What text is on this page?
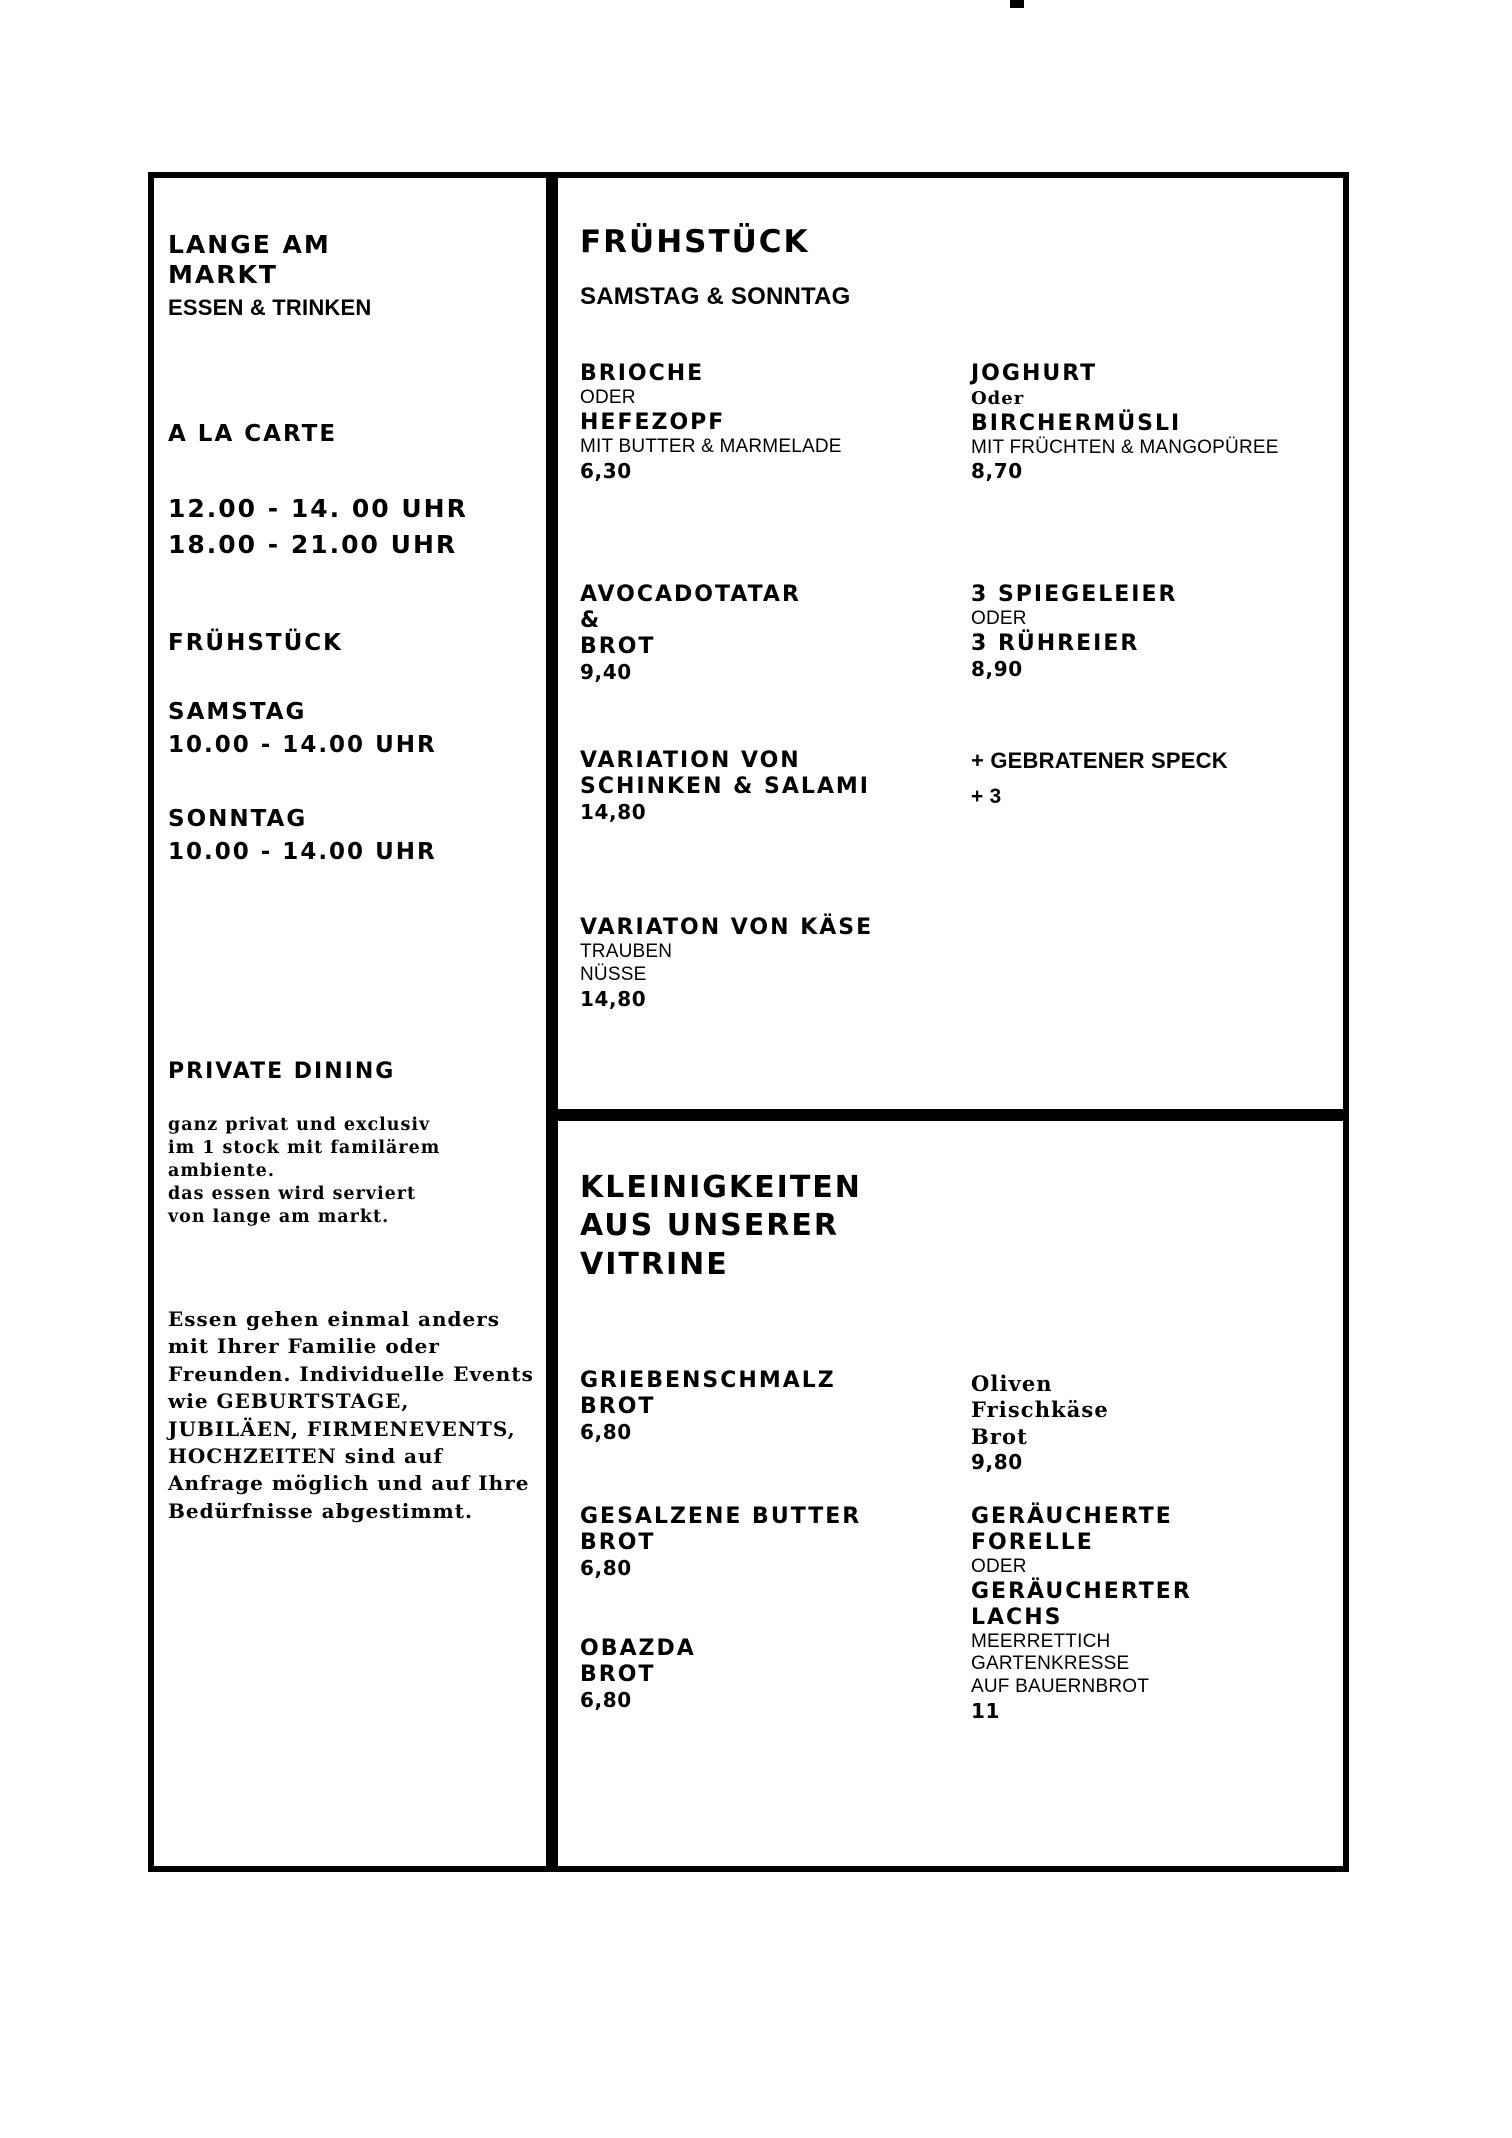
LANGE AM
MARKT
ESSEN & TRINKEN
A LA CARTE
12.00 - 14. 00 UHR
18.00 - 21.00 UHR
FRÜHSTÜCK
SAMSTAG
10.00 - 14.00 UHR
SONNTAG
10.00 - 14.00 UHR
PRIVATE DINING
ganz privat und exclusiv
im 1 stock mit familärem
ambiente.
das essen wird serviert
von lange am markt.
Essen gehen einmal anders mit Ihrer Familie oder Freunden. Individuelle Events wie GEBURTSTAGE, JUBILÄEN, FIRMENEVENTS, HOCHZEITEN sind auf Anfrage möglich und auf Ihre Bedürfnisse abgestimmt.
FRÜHSTÜCK
SAMSTAG & SONNTAG
BRIOCHE
ODER
HEFEZOPF
MIT BUTTER & MARMELADE
6,30
AVOCADOTATAR
&
BROT
9,40
VARIATION VON
SCHINKEN & SALAMI
14,80
VARIATON VON KÄSE
TRAUBEN
NÜSSE
14,80
JOGHURT
Oder
BIRCHERMÜSLI
MIT FRÜCHTEN & MANGOPÜREE
8,70
3 SPIEGELEIER
ODER
3 RÜHREIER
8,90
+ GEBRATENER SPECK
+ 3
KLEINIGKEITEN
AUS UNSERER
VITRINE
GRIEBENSCHMALZ
BROT
6,80
GESALZENE BUTTER
BROT
6,80
OBAZDA
BROT
6,80
Oliven
Frischkäse
Brot
9,80
GERÄUCHERTE
FORELLE
ODER
GERÄUCHERTER
LACHS
MEERRETTICH
GARTENKRESSE
AUF BAUERNBROT
11
